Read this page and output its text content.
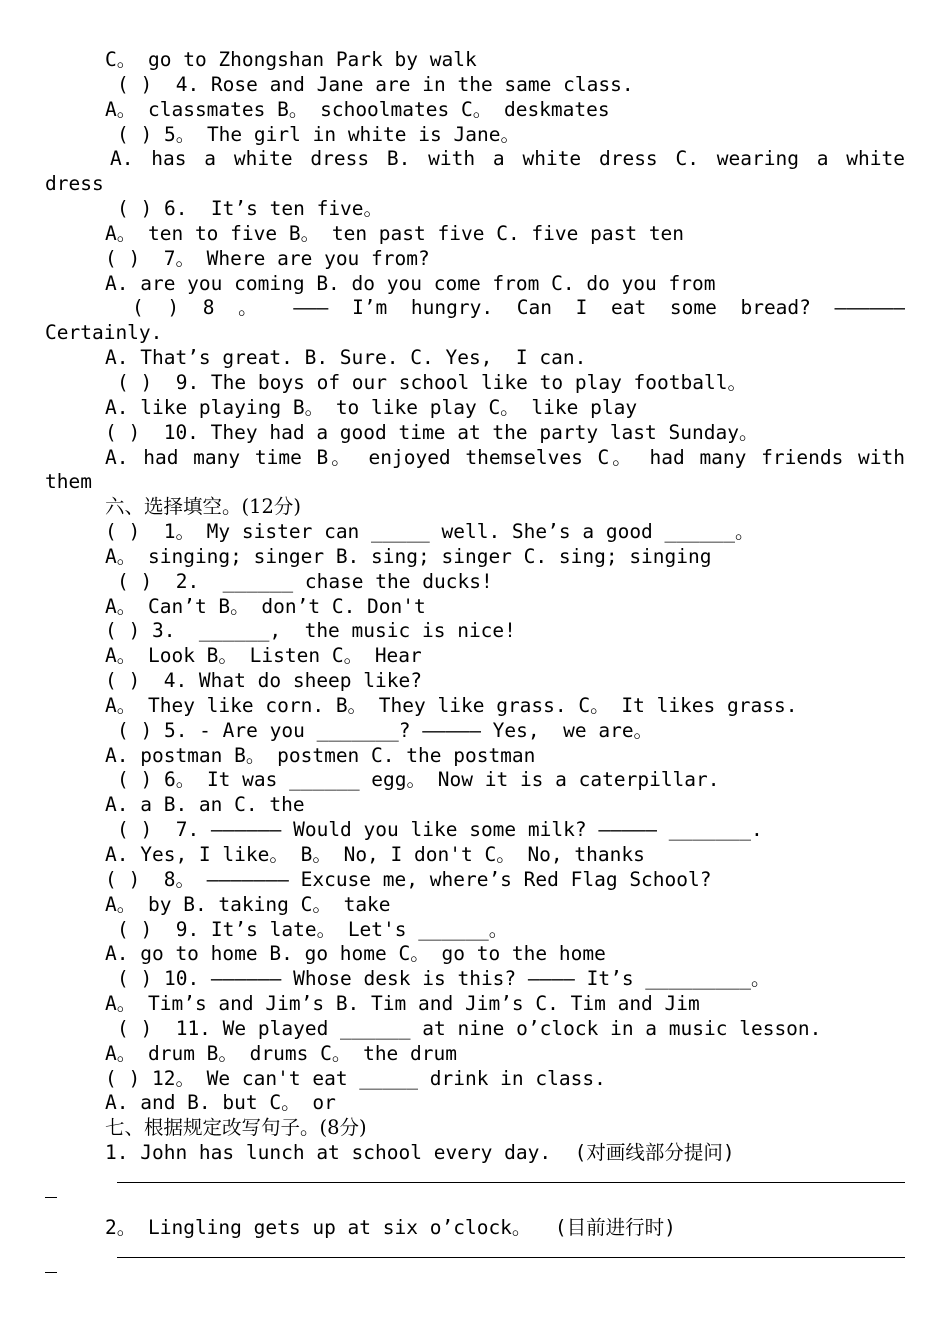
C。 go to Zhongshan Park by walk
( )  4. Rose and Jane are in the same class.
A。 classmates B。 schoolmates C。 deskmates
( ) 5。 The girl in white is Jane。
A. has a white dress B. with a white dress C. wearing a white
dress
( ) 6.  It’s ten five。
A。 ten to five B。 ten past five C. five past ten
( )  7。 Where are you from?
A. are you coming B. do you come from C. do you from
( ) 8 。 ——— I’m hungry. Can I eat some bread? ——————
Certainly.
A. That’s great. B. Sure. C. Yes,  I can.
( )  9. The boys of our school like to play football。
A. like playing B。 to like play C。 like play
( )  10. They had a good time at the party last Sunday。
A. had many time B。 enjoyed themselves C。 had many friends with
them
六、选择填空。(12分)
( )  1。 My sister can _____ well. She’s a good ______。
A。 singing; singer B. sing; singer C. sing; singing
( )  2.  ______ chase the ducks!
A。 Can’t B。 don’t C. Don't
( ) 3.  ______,  the music is nice!
A。 Look B。 Listen C。 Hear
( )  4. What do sheep like?
A。 They like corn. B。 They like grass. C。 It likes grass.
( ) 5. - Are you _______? ————— Yes,  we are。
A. postman B。 postmen C. the postman
( ) 6。 It was ______ egg。 Now it is a caterpillar.
A. a B. an C. the
( )  7. —————— Would you like some milk? ————— _______.
A. Yes, I like。 B。 No, I don't C。 No, thanks
( )  8。 ——————— Excuse me, where’s Red Flag School?
A。 by B. taking C。 take
( )  9. It’s late。 Let's ______。
A. go to home B. go home C。 go to the home
( ) 10. —————— Whose desk is this? ———— It’s _________。
A。 Tim’s and Jim’s B. Tim and Jim’s C. Tim and Jim
( )  11. We played ______ at nine o’clock in a music lesson.
A。 drum B。 drums C。 the drum
( ) 12。 We can't eat _____ drink in class.
A. and B. but C。 or
七、根据规定改写句子。(8分)
1. John has lunch at school every day.  (对画线部分提问)
2。 Lingling gets up at six o’clock。  (目前进行时)
